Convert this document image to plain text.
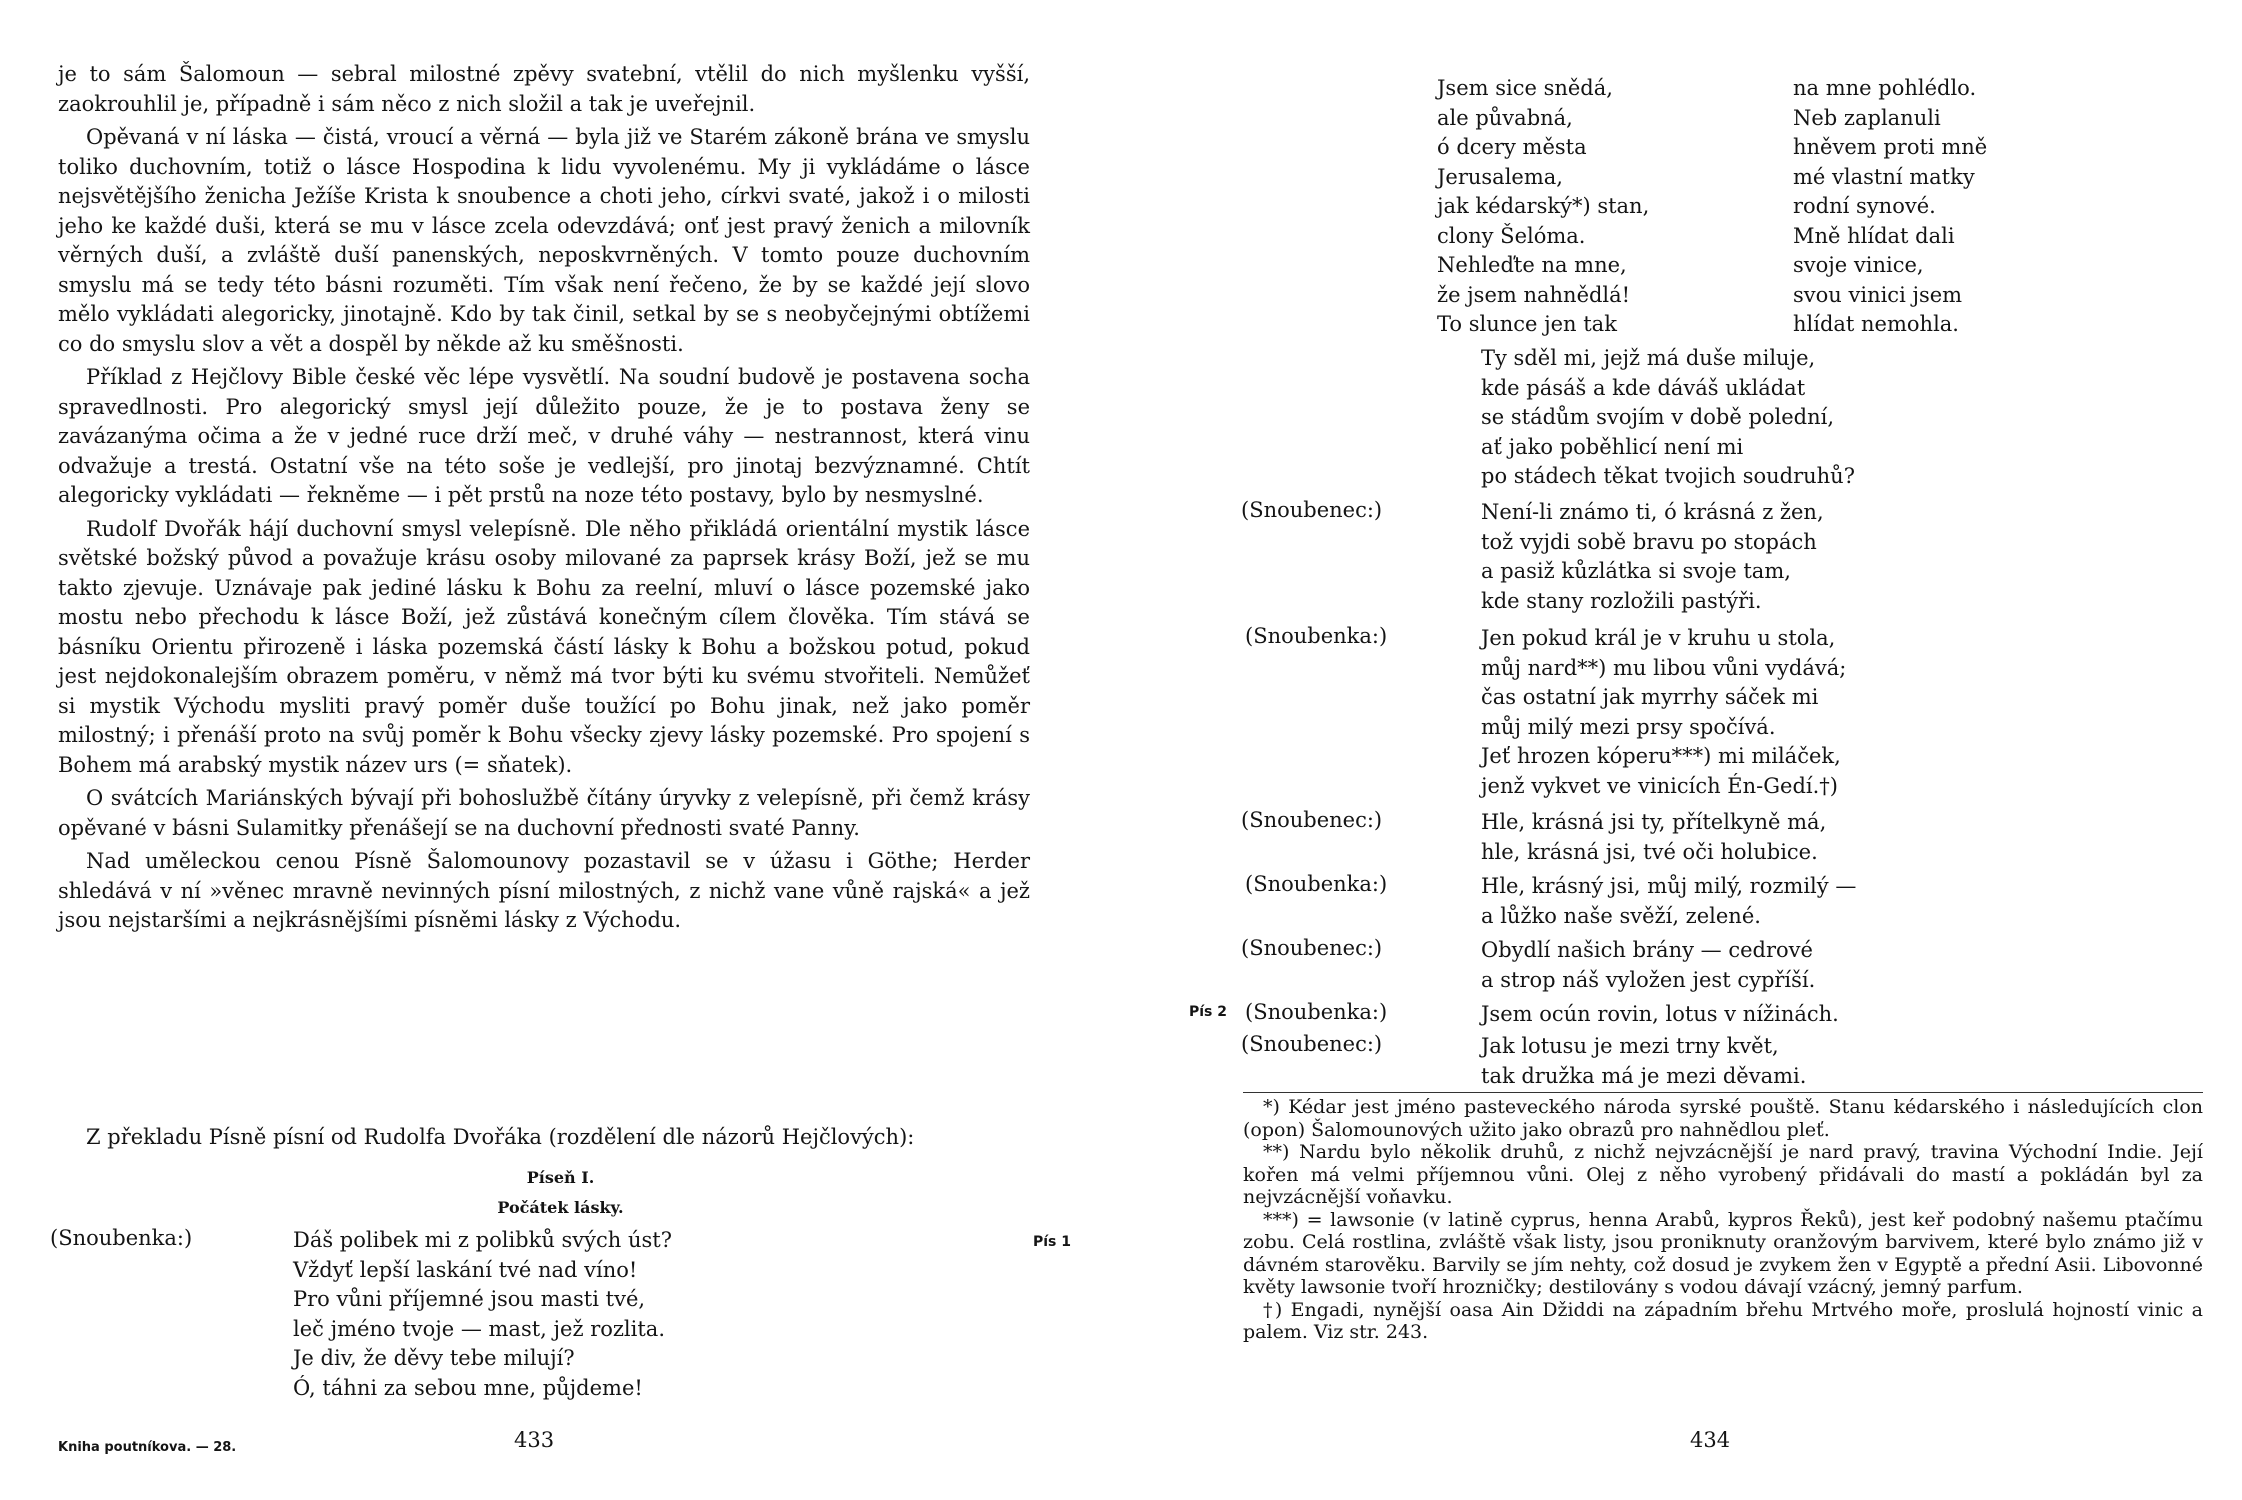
je to sám Šalomoun — sebral milostné zpěvy svatební, vtělil do nich myšlenku vyšší, zaokrouhlil je, případně i sám něco z nich složil a tak je uveřejnil.

Opěvaná v ní láska — čistá, vroucí a věrná — byla již ve Starém zákoně brána ve smyslu toliko duchovním, totiž o lásce Hospodina k lidu vyvolenému. My ji vykládáme o lásce nejsvětějšího ženicha Ježíše Krista k snoubence a choti jeho, církvi svaté, jakož i o milosti jeho ke každé duši, která se mu v lásce zcela odevzdává; onť jest pravý ženich a milovník věrných duší, a zvláště duší panenských, neposkvrněných. V tomto pouze duchovním smyslu má se tedy této básni rozuměti. Tím však není řečeno, že by se každé její slovo mělo vykládati alegoricky, jinotajně. Kdo by tak činil, setkal by se s neobyčejnými obtížemi co do smyslu slov a vět a dospěl by někde až ku směšnosti.

Příklad z Hejčlovy Bible české věc lépe vysvětlí. Na soudní budově je postavena socha spravedlnosti. Pro alegorický smysl její důležito pouze, že je to postava ženy se zavázanýma očima a že v jedné ruce drží meč, v druhé váhy — nestrannost, která vinu odvažuje a trestá. Ostatní vše na této soše je vedlejší, pro jinotaj bezvýznamné. Chtít alegoricky vykládati — řekněme — i pět prstů na noze této postavy, bylo by nesmyslné.

Rudolf Dvořák hájí duchovní smysl velepísně. Dle něho přikládá orientální mystik lásce světské božský původ a považuje krásu osoby milované za paprsek krásy Boží, jež se mu takto zjevuje. Uznávaje pak jediné lásku k Bohu za reelní, mluví o lásce pozemské jako mostu nebo přechodu k lásce Boží, jež zůstává konečným cílem člověka. Tím stává se básníku Orientu přirozeně i láska pozemská částí lásky k Bohu a božskou potud, pokud jest nejdokonalejším obrazem poměru, v němž má tvor býti ku svému stvořiteli. Nemůžeť si mystik Východu mysliti pravý poměr duše toužící po Bohu jinak, než jako poměr milostný; i přenáší proto na svůj poměr k Bohu všecky zjevy lásky pozemské. Pro spojení s Bohem má arabský mystik název urs (= sňatek).

O svátcích Mariánských bývají při bohoslužbě čítány úryvky z velepísně, při čemž krásy opěvané v básni Sulamitky přenášejí se na duchovní přednosti svaté Panny.

Nad uměleckou cenou Písně Šalomounovy pozastavil se v úžasu i Göthe; Herder shledává v ní »věnec mravně nevinných písní milostných, z nichž vane vůně rajská« a jež jsou nejstaršími a nejkrásnějšími písněmi lásky z Východu.

Z překladu Písně písní od Rudolfa Dvořáka (rozdělení dle názorů Hejčlových):
Píseň I.
Počátek lásky.
Pís 1
(Snoubenka:)	Dáš polibek mi z polibků svých úst?
Vždyť lepší laskání tvé nad víno!
Pro vůni příjemné jsou masti tvé,
leč jméno tvoje — mast, jež rozlita.
Je div, že děvy tebe milují?
Ó, táhni za sebou mne, půjdeme!
Kniha poutníkova. — 28.	433
Jsem sice snědá,
ale půvabná,
ó dcery města
Jerusalema,
jak kédarský*) stan,
clony Šelóma.
Nehleďte na mne,
že jsem nahnědlá!
To slunce jen tak
na mne pohlédlo.
Neb zaplanuli
hněvem proti mně
mé vlastní matky
rodní synové.
Mně hlídat dali
svoje vinice,
svou vinici jsem
hlídat nemohla.
Ty sděl mi, jejž má duše miluje,
kde pásáš a kde dáváš ukládat
se stádům svojím v době polední,
ať jako poběhlicí není mi
po stádech těkat tvojich soudruhů?
(Snoubenec:)	Není-li známo ti, ó krásná z žen,
tož vyjdi sobě bravu po stopách
a pasiž kůzlátka si svoje tam,
kde stany rozložili pastýři.
(Snoubenka:)	Jen pokud král je v kruhu u stola,
můj nard**) mu libou vůni vydává;
čas ostatní jak myrrhy sáček mi
můj milý mezi prsy spočívá.
Jeť hrozen kóperu***) mi miláček,
jenž vykvet ve vinicích Én-Gedí.†)
(Snoubenec:)	Hle, krásná jsi ty, přítelkyně má,
hle, krásná jsi, tvé oči holubice.
(Snoubenka:)	Hle, krásný jsi, můj milý, rozmilý —
a lůžko naše svěží, zelené.
(Snoubenec:)	Obydlí našich brány — cedrové
a strop náš vyložen jest cypříší.
Pís 2 (Snoubenka:)	Jsem ocún rovin, lotus v nížinách.
(Snoubenec:)	Jak lotusu je mezi trny květ,
tak družka má je mezi děvami.

*) Kédar jest jméno pasteveckého národa syrské pouště. Stanu kédarského i následujících clon (opon) Šalomounových užito jako obrazů pro nahnědlou pleť.

**) Nardu bylo několik druhů, z nichž nejvzácnější je nard pravý, travina Východní Indie. Její kořen má velmi příjemnou vůni. Olej z něho vyrobený přidávali do mastí a pokládán byl za nejvzácnější voňavku.

***) = lawsonie (v latině cyprus, henna Arabů, kypros Řeků), jest keř podobný našemu ptačímu zobu. Celá rostlina, zvláště však listy, jsou proniknuty oranžovým barvivem, které bylo známo již v dávném starověku. Barvily se jím nehty, což dosud je zvykem žen v Egyptě a přední Asii. Libovonné květy lawsonie tvoří hrozničky; destilovány s vodou dávají vzácný, jemný parfum.

†) Engadi, nynější oasa Ain Džiddi na západním břehu Mrtvého moře, proslulá hojností vinic a palem. Viz str. 243.

434
